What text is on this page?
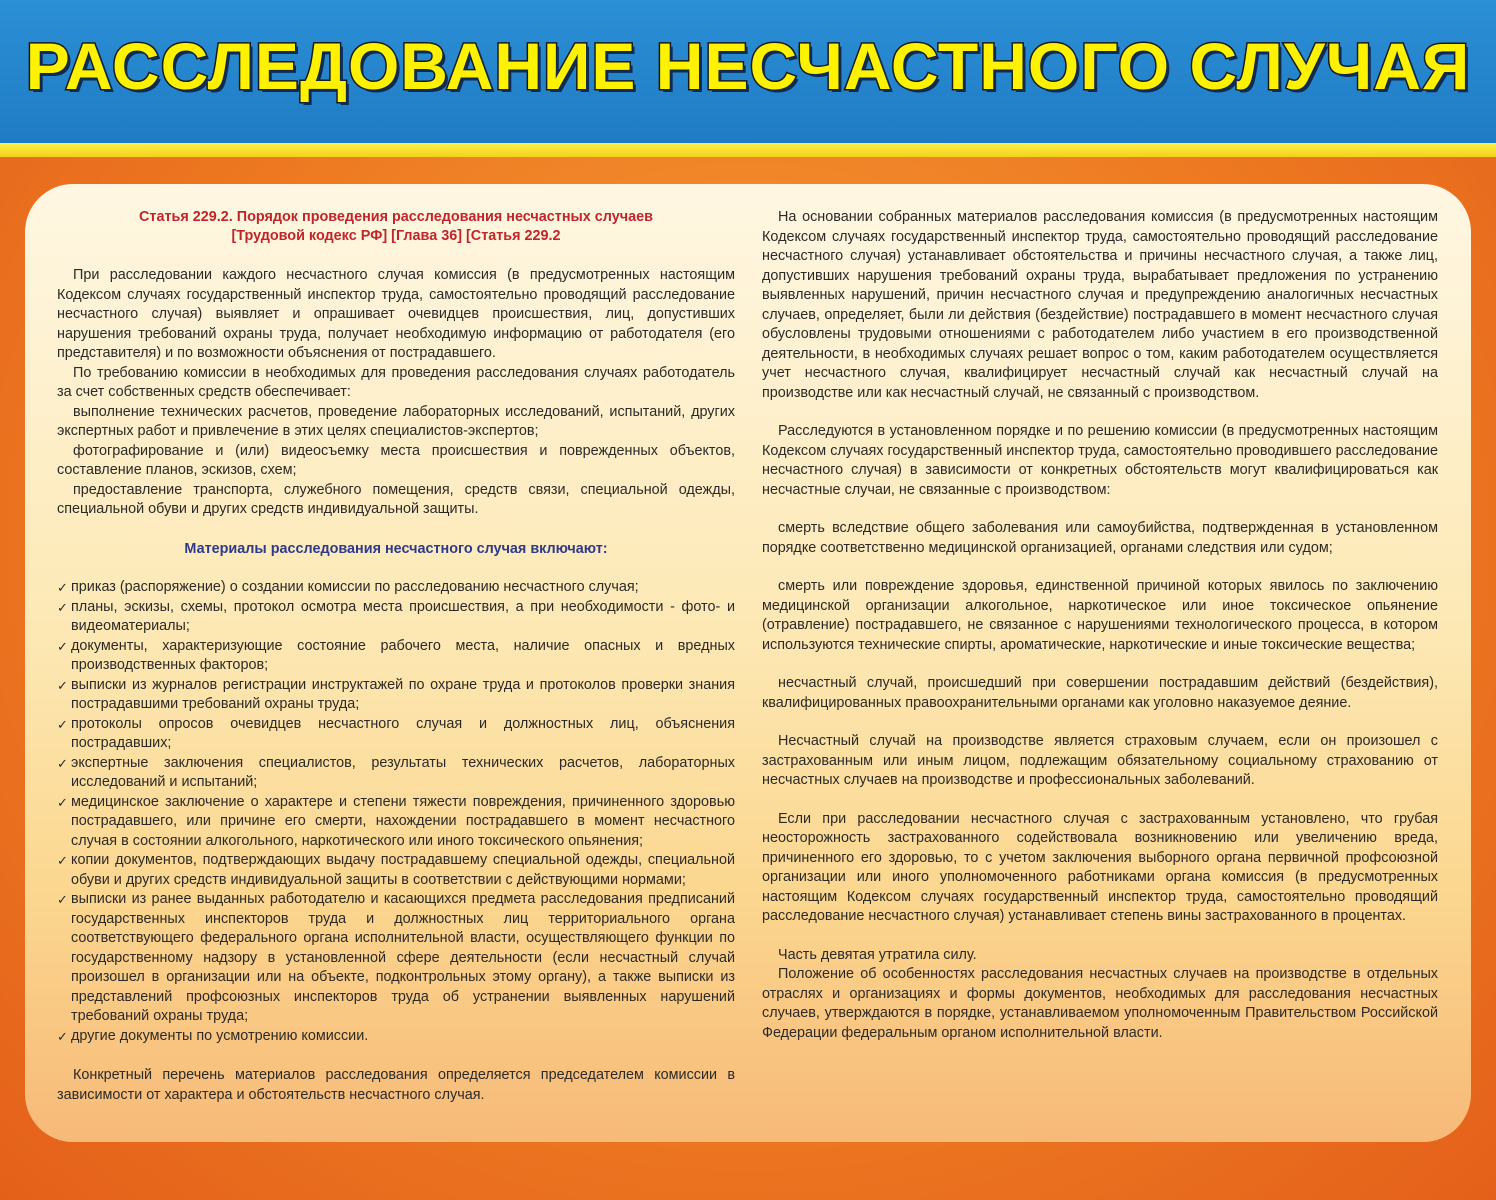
РАССЛЕДОВАНИЕ НЕСЧАСТНОГО СЛУЧАЯ
Статья 229.2. Порядок проведения расследования несчастных случаев
[Трудовой кодекс РФ] [Глава 36] [Статья 229.2

При расследовании каждого несчастного случая комиссия (в предусмотренных настоящим Кодексом случаях государственный инспектор труда, самостоятельно проводящий расследование несчастного случая) выявляет и опрашивает очевидцев происшествия, лиц, допустивших нарушения требований охраны труда, получает необходимую информацию от работодателя (его представителя) и по возможности объяснения от пострадавшего.

По требованию комиссии в необходимых для проведения расследования случаях работодатель за счет собственных средств обеспечивает:

выполнение технических расчетов, проведение лабораторных исследований, испытаний, других экспертных работ и привлечение в этих целях специалистов-экспертов;

фотографирование и (или) видеосъемку места происшествия и поврежденных объектов, составление планов, эскизов, схем;

предоставление транспорта, служебного помещения, средств связи, специальной одежды, специальной обуви и других средств индивидуальной защиты.

Материалы расследования несчастного случая включают:

✓ приказ (распоряжение) о создании комиссии по расследованию несчастного случая;
✓ планы, эскизы, схемы, протокол осмотра места происшествия, а при необходимости - фото- и видеоматериалы;
✓ документы, характеризующие состояние рабочего места, наличие опасных и вредных производственных факторов;
✓ выписки из журналов регистрации инструктажей по охране труда и протоколов проверки знания пострадавшими требований охраны труда;
✓ протоколы опросов очевидцев несчастного случая и должностных лиц, объяснения пострадавших;
✓ экспертные заключения специалистов, результаты технических расчетов, лабораторных исследований и испытаний;
✓ медицинское заключение о характере и степени тяжести повреждения, причиненного здоровью пострадавшего, или причине его смерти, нахождении пострадавшего в момент несчастного случая в состоянии алкогольного, наркотического или иного токсического опьянения;
✓ копии документов, подтверждающих выдачу пострадавшему специальной одежды, специальной обуви и других средств индивидуальной защиты в соответствии с действующими нормами;
✓ выписки из ранее выданных работодателю и касающихся предмета расследования предписаний государственных инспекторов труда и должностных лиц территориального органа соответствующего федерального органа исполнительной власти, осуществляющего функции по государственному надзору в установленной сфере деятельности (если несчастный случай произошел в организации или на объекте, подконтрольных этому органу), а также выписки из представлений профсоюзных инспекторов труда об устранении выявленных нарушений требований охраны труда;
✓ другие документы по усмотрению комиссии.

Конкретный перечень материалов расследования определяется председателем комиссии в зависимости от характера и обстоятельств несчастного случая.

На основании собранных материалов расследования комиссия (в предусмотренных настоящим Кодексом случаях государственный инспектор труда, самостоятельно проводящий расследование несчастного случая) устанавливает обстоятельства и причины несчастного случая, а также лиц, допустивших нарушения требований охраны труда, вырабатывает предложения по устранению выявленных нарушений, причин несчастного случая и предупреждению аналогичных несчастных случаев, определяет, были ли действия (бездействие) пострадавшего в момент несчастного случая обусловлены трудовыми отношениями с работодателем либо участием в его производственной деятельности, в необходимых случаях решает вопрос о том, каким работодателем осуществляется учет несчастного случая, квалифицирует несчастный случай как несчастный случай на производстве или как несчастный случай, не связанный с производством.

Расследуются в установленном порядке и по решению комиссии (в предусмотренных настоящим Кодексом случаях государственный инспектор труда, самостоятельно проводившего расследование несчастного случая) в зависимости от конкретных обстоятельств могут квалифицироваться как несчастные случаи, не связанные с производством:

смерть вследствие общего заболевания или самоубийства, подтвержденная в установленном порядке соответственно медицинской организацией, органами следствия или судом;

смерть или повреждение здоровья, единственной причиной которых явилось по заключению медицинской организации алкогольное, наркотическое или иное токсическое опьянение (отравление) пострадавшего, не связанное с нарушениями технологического процесса, в котором используются технические спирты, ароматические, наркотические и иные токсические вещества;

несчастный случай, происшедший при совершении пострадавшим действий (бездействия), квалифицированных правоохранительными органами как уголовно наказуемое деяние.

Несчастный случай на производстве является страховым случаем, если он произошел с застрахованным или иным лицом, подлежащим обязательному социальному страхованию от несчастных случаев на производстве и профессиональных заболеваний.

Если при расследовании несчастного случая с застрахованным установлено, что грубая неосторожность застрахованного содействовала возникновению или увеличению вреда, причиненного его здоровью, то с учетом заключения выборного органа первичной профсоюзной организации или иного уполномоченного работниками органа комиссия (в предусмотренных настоящим Кодексом случаях государственный инспектор труда, самостоятельно проводящий расследование несчастного случая) устанавливает степень вины застрахованного в процентах.

Часть девятая утратила силу.

Положение об особенностях расследования несчастных случаев на производстве в отдельных отраслях и организациях и формы документов, необходимых для расследования несчастных случаев, утверждаются в порядке, устанавливаемом уполномоченным Правительством Российской Федерации федеральным органом исполнительной власти.
